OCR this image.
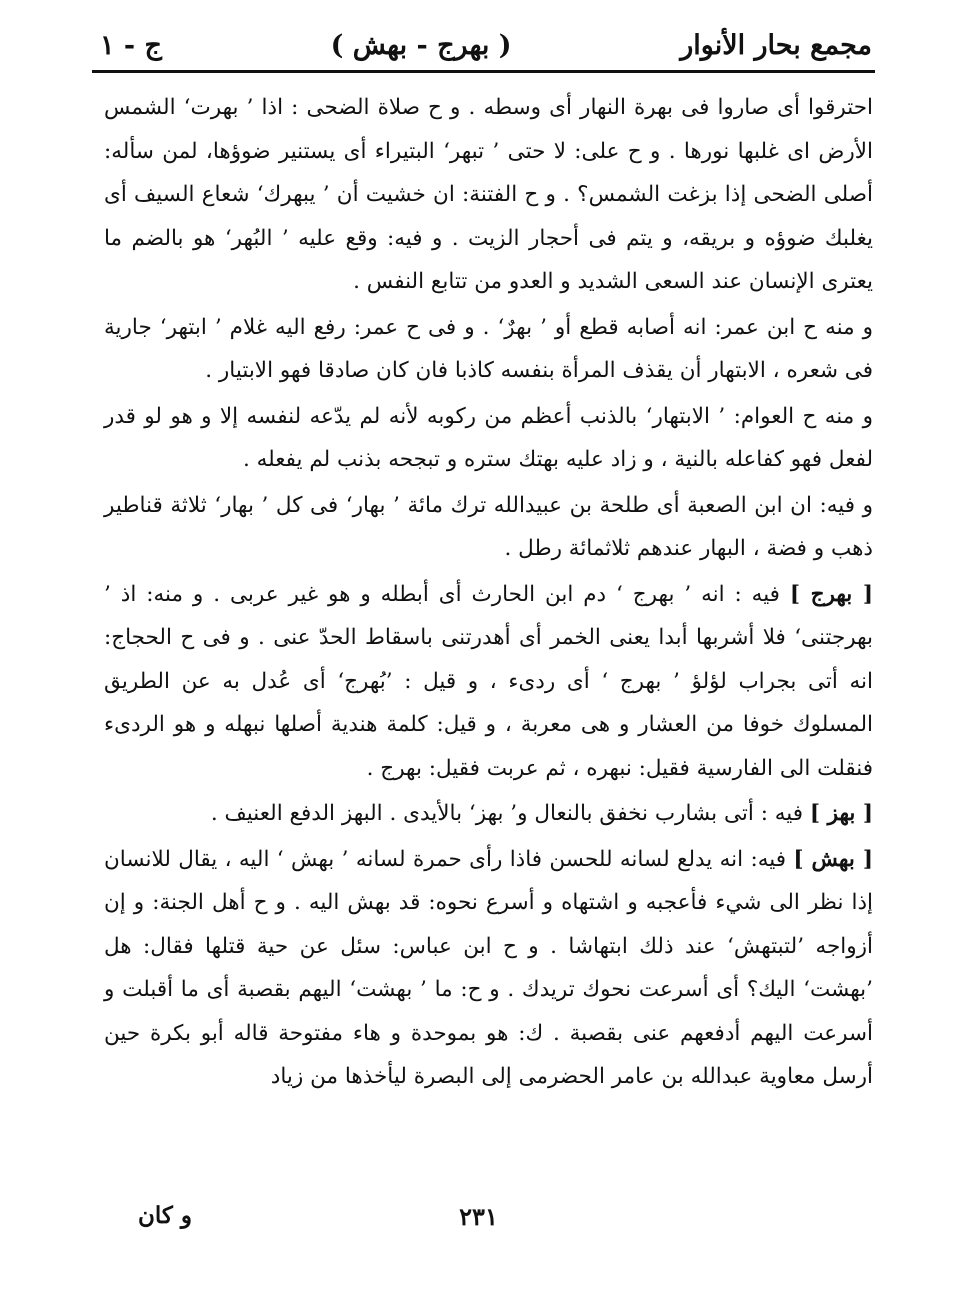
مجمع بحار الأنوار
( بهرج - بهش )
ج - ١

احترقوا أى صاروا فى بهرة النهار أى وسطه . و ح صلاة الضحى : اذا ’ بهرت‘ الشمس الأرض اى غلبها نورها . و ح على: لا حتى ’ تبهر‘ البتيراء أى يستنير ضوؤها، لمن سأله: أصلى الضحى إذا بزغت الشمس؟ . و ح الفتنة: ان خشيت أن ’ يبهرك‘ شعاع السيف أى يغلبك ضوؤه و بريقه، و يتم فى أحجار الزيت . و فيه: وقع عليه ’ البُهر‘ هو بالضم ما يعترى الإنسان عند السعى الشديد و العدو من تتابع النفس .

و منه ح ابن عمر: انه أصابه قطع أو ’ بهرٌ‘ . و فى ح عمر: رفع اليه غلام ’ ابتهر‘ جارية فى شعره ، الابتهار أن يقذف المرأة بنفسه كاذبا فان كان صادقا فهو الابتيار .

و منه ح العوام: ’ الابتهار‘ بالذنب أعظم من ركوبه لأنه لم يدّعه لنفسه إلا و هو لو قدر لفعل فهو كفاعله بالنية ، و زاد عليه بهتك ستره و تبجحه بذنب لم يفعله .

و فيه: ان ابن الصعبة أى طلحة بن عبيدالله ترك مائة ’ بهار‘ فى كل ’ بهار‘ ثلاثة قناطير ذهب و فضة ، البهار عندهم ثلاثمائة رطل .

[ بهرج ] فيه : انه ’ بهرج ‘ دم ابن الحارث أى أبطله و هو غير عربى . و منه: اذ ’ بهرجتنى‘ فلا أشربها أبدا يعنى الخمر أى أهدرتنى باسقاط الحدّ عنى . و فى ح الحجاج: انه أتى بجراب لؤلؤ ’ بهرج ‘ أى ردىء ، و قيل : ’بُهرج‘ أى عُدل به عن الطريق المسلوك خوفا من العشار و هى معربة ، و قيل: كلمة هندية أصلها نبهله و هو الردىء فنقلت الى الفارسية فقيل: نبهره ، ثم عربت فقيل: بهرج .

[ بهز ] فيه : أتى بشارب نخفق بالنعال و’ بهز‘ بالأيدى . البهز الدفع العنيف .

[ بهش ] فيه: انه يدلع لسانه للحسن فاذا رأى حمرة لسانه ’ بهش ‘ اليه ، يقال للانسان إذا نظر الى شيء فأعجبه و اشتهاه و أسرع نحوه: قد بهش اليه . و ح أهل الجنة: و إن أزواجه ’لتبتهش‘ عند ذلك ابتهاشا . و ح ابن عباس: سئل عن حية قتلها فقال: هل ’بهشت‘ اليك؟ أى أسرعت نحوك تريدك . و ح: ما ’ بهشت‘ اليهم بقصبة أى ما أقبلت و أسرعت اليهم أدفعهم عنى بقصبة . ك: هو بموحدة و هاء مفتوحة قاله أبو بكرة حين أرسل معاوية عبدالله بن عامر الحضرمى إلى البصرة ليأخذها من زياد

٢٣١
و كان
